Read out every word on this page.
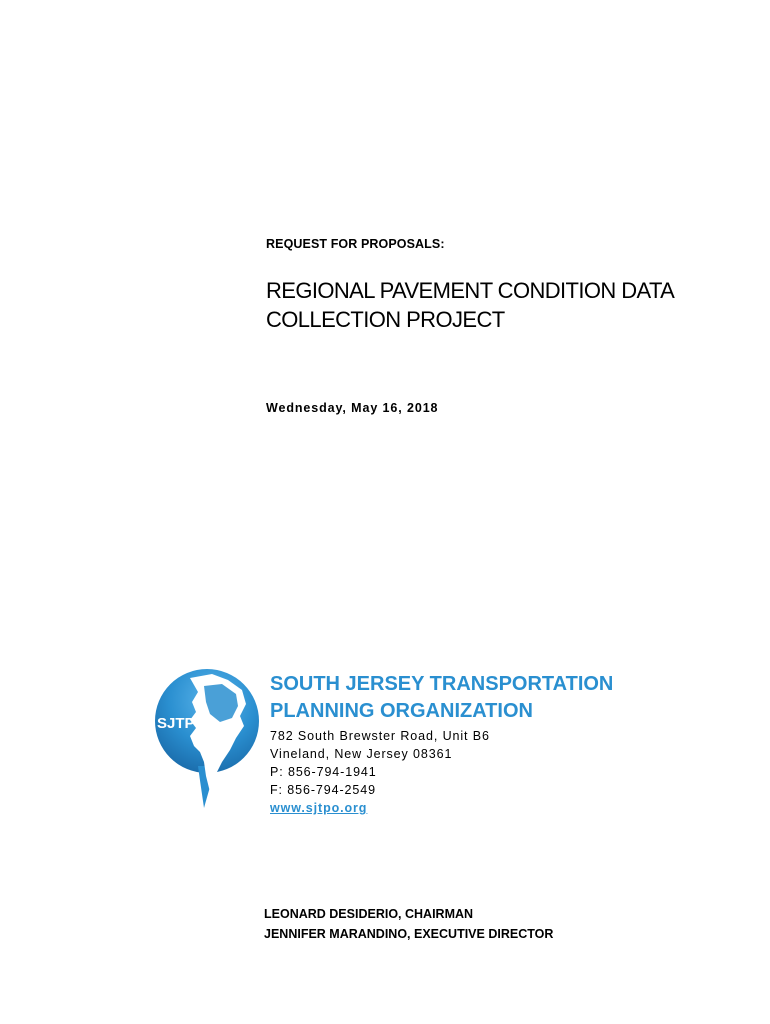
REQUEST FOR PROPOSALS:

REGIONAL PAVEMENT CONDITION DATA
COLLECTION PROJECT

Wednesday, May 16, 2018

SJTPO
SOUTH JERSEY TRANSPORTATION
PLANNING ORGANIZATION
782 South Brewster Road, Unit B6
Vineland, New Jersey 08361
P: 856-794-1941
F: 856-794-2549
www.sjtpo.org
LEONARD DESIDERIO, CHAIRMAN
JENNIFER MARANDINO, EXECUTIVE DIRECTOR
